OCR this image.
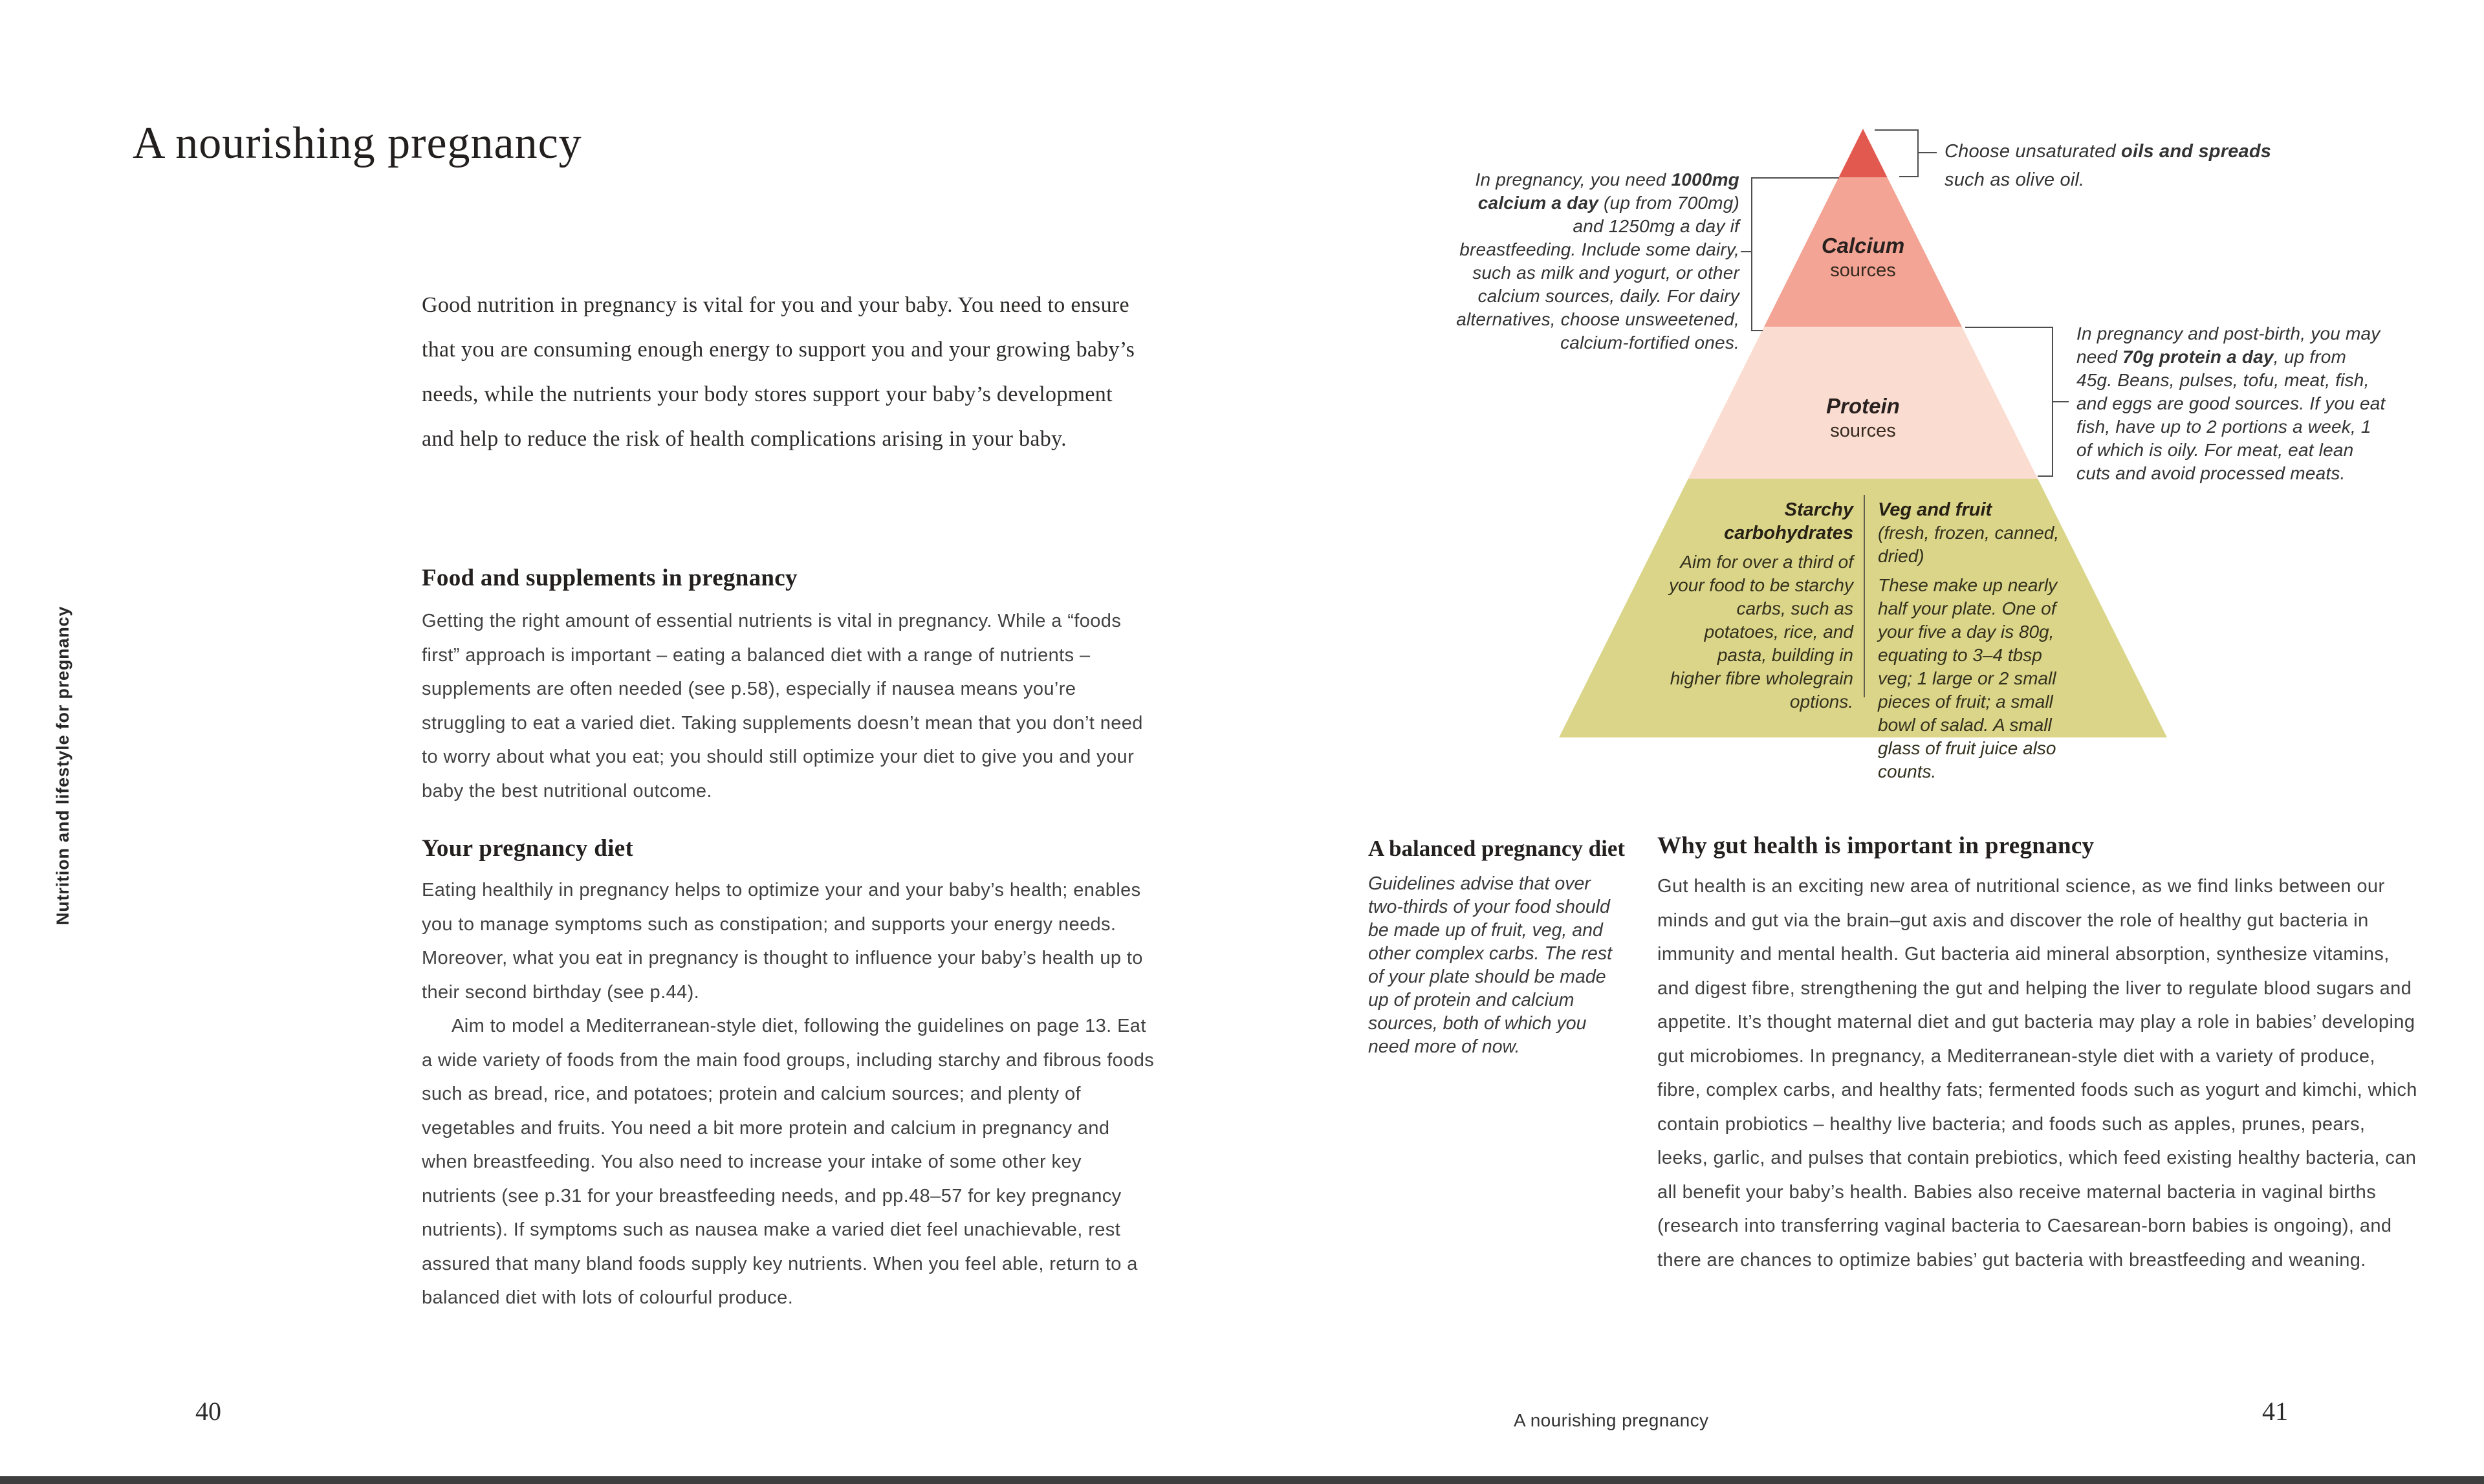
Nutrition and lifestyle for pregnancy
A nourishing pregnancy
Good nutrition in pregnancy is vital for you and your baby. You need to ensure that you are consuming enough energy to support you and your growing baby’s needs, while the nutrients your body stores support your baby’s development and help to reduce the risk of health complications arising in your baby.
Food and supplements in pregnancy
Getting the right amount of essential nutrients is vital in pregnancy. While a “foods first” approach is important – eating a balanced diet with a range of nutrients – supplements are often needed (see p.58), especially if nausea means you’re struggling to eat a varied diet. Taking supplements doesn’t mean that you don’t need to worry about what you eat; you should still optimize your diet to give you and your baby the best nutritional outcome.
Your pregnancy diet

Eating healthily in pregnancy helps to optimize your and your baby’s health; enables you to manage symptoms such as constipation; and supports your energy needs. Moreover, what you eat in pregnancy is thought to influence your baby’s health up to their second birthday (see p.44).

Aim to model a Mediterranean-style diet, following the guidelines on page 13. Eat a wide variety of foods from the main food groups, including starchy and fibrous foods such as bread, rice, and potatoes; protein and calcium sources; and plenty of vegetables and fruits. You need a bit more protein and calcium in pregnancy and when breastfeeding. You also need to increase your intake of some other key nutrients (see p.31 for your breastfeeding needs, and pp.48–57 for key pregnancy nutrients). If symptoms such as nausea make a varied diet feel unachievable, rest assured that many bland foods supply key nutrients. When you feel able, return to a balanced diet with lots of colourful produce.

40
Calcium
sources
Protein
sources
Starchy carbohydrates
Aim for over a third of your food to be starchy carbs, such as potatoes, rice, and pasta, building in higher fibre wholegrain options.
Veg and fruit
(fresh, frozen, canned, dried)
These make up nearly half your plate. One of your five a day is 80g, equating to 3–4 tbsp veg; 1 large or 2 small pieces of fruit; a small bowl of salad. A small glass of fruit juice also counts.
Choose unsaturated oils and spreads such as olive oil.
In pregnancy, you need 1000mg calcium a day (up from 700mg) and 1250mg a day if breastfeeding. Include some dairy, such as milk and yogurt, or other calcium sources, daily. For dairy alternatives, choose unsweetened, calcium-fortified ones.	In pregnancy and post-birth, you may need 70g protein a day, up from 45g. Beans, pulses, tofu, meat, fish, and eggs are good sources. If you eat fish, have up to 2 portions a week, 1 of which is oily. For meat, eat lean cuts and avoid processed meats.
A balanced pregnancy diet
Guidelines advise that over two-thirds of your food should be made up of fruit, veg, and other complex carbs. The rest of your plate should be made up of protein and calcium sources, both of which you need more of now.
Why gut health is important in pregnancy
Gut health is an exciting new area of nutritional science, as we find links between our minds and gut via the brain–gut axis and discover the role of healthy gut bacteria in immunity and mental health. Gut bacteria aid mineral absorption, synthesize vitamins, and digest fibre, strengthening the gut and helping the liver to regulate blood sugars and appetite. It’s thought maternal diet and gut bacteria may play a role in babies’ developing gut microbiomes. In pregnancy, a Mediterranean-style diet with a variety of produce, fibre, complex carbs, and healthy fats; fermented foods such as yogurt and kimchi, which contain probiotics – healthy live bacteria; and foods such as apples, prunes, pears, leeks, garlic, and pulses that contain prebiotics, which feed existing healthy bacteria, can all benefit your baby’s health. Babies also receive maternal bacteria in vaginal births (research into transferring vaginal bacteria to Caesarean-born babies is ongoing), and there are chances to optimize babies’ gut bacteria with breastfeeding and weaning.
A nourishing pregnancy	41
